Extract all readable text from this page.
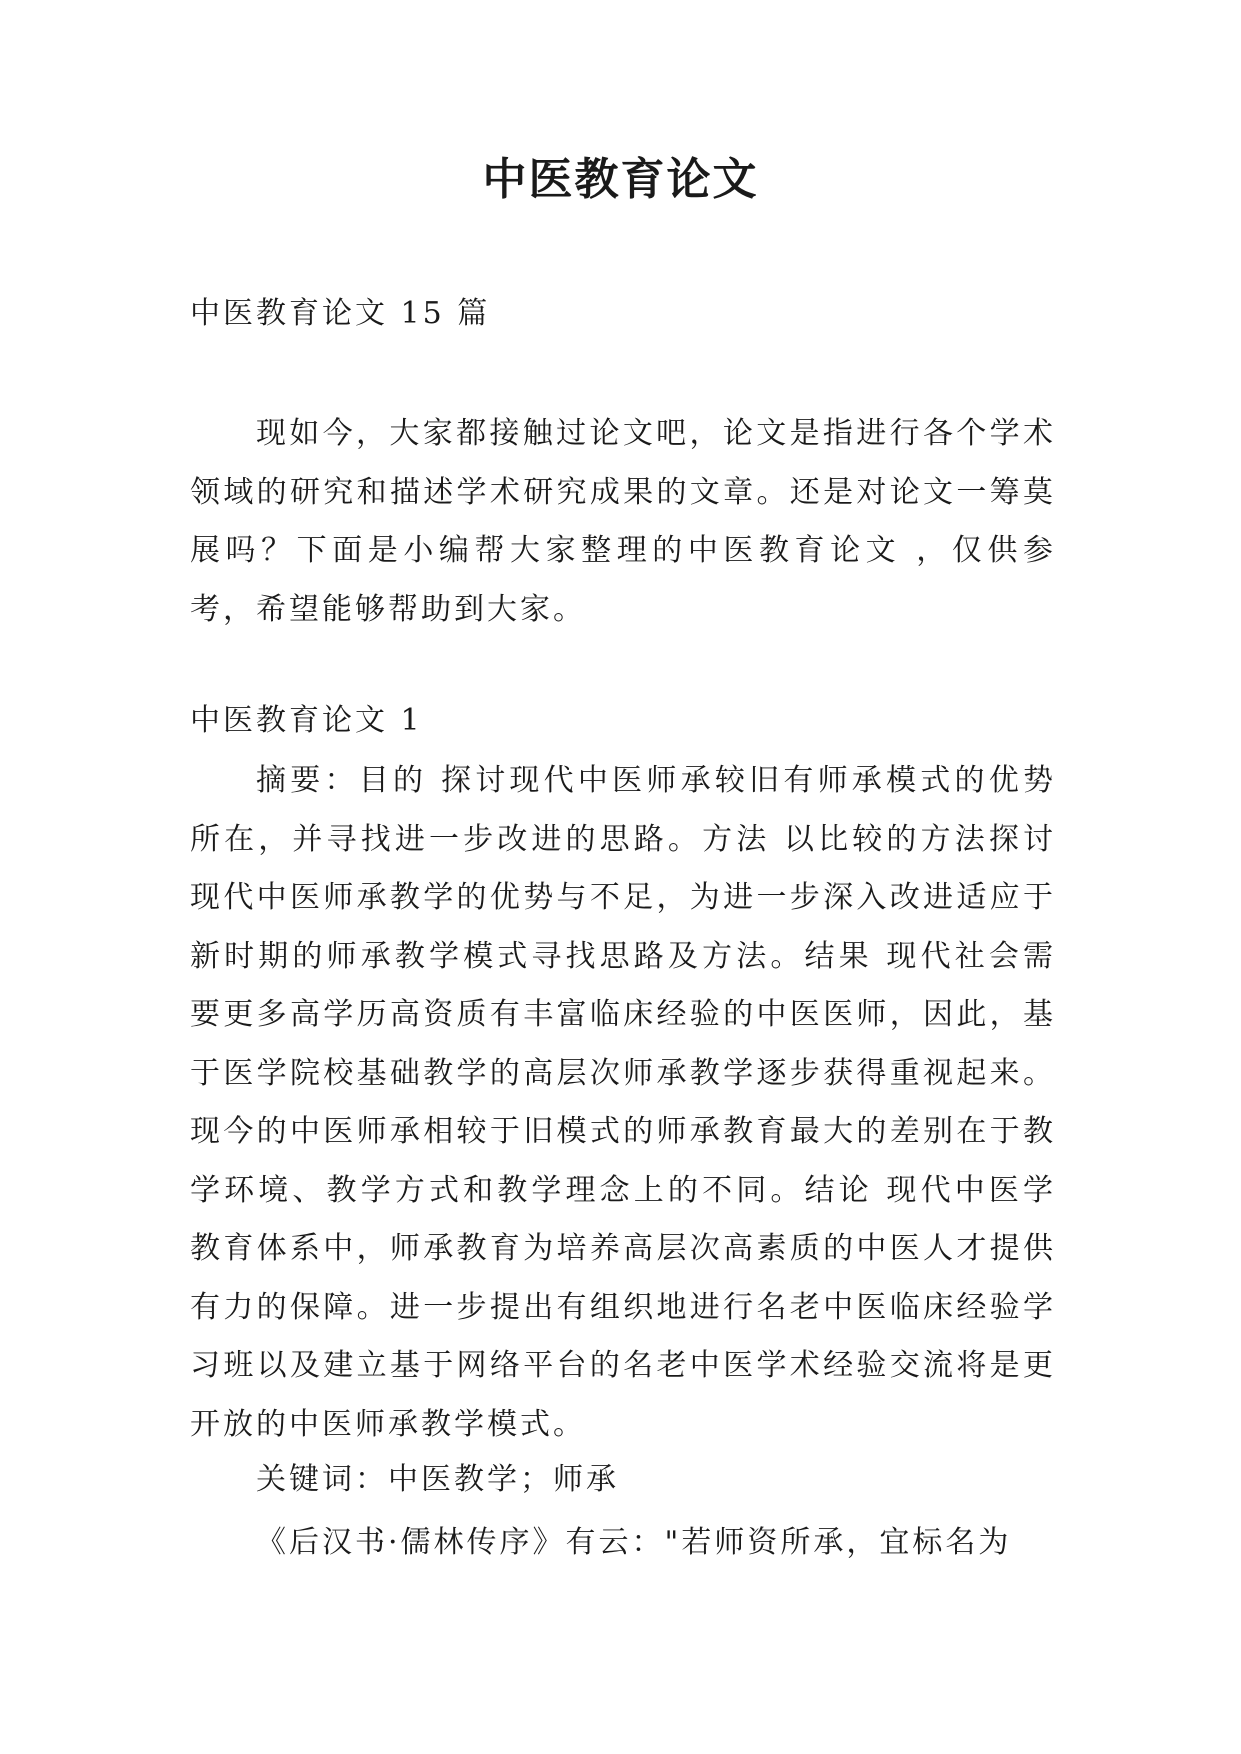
中医教育论文

中医教育论文 15 篇

现如今，大家都接触过论文吧，论文是指进行各个学术领域的研究和描述学术研究成果的文章。还是对论文一筹莫展吗？下面是小编帮大家整理的中医教育论文 ，仅供参考，希望能够帮助到大家。

中医教育论文 1

摘要：目的 探讨现代中医师承较旧有师承模式的优势所在，并寻找进一步改进的思路。方法 以比较的方法探讨现代中医师承教学的优势与不足，为进一步深入改进适应于新时期的师承教学模式寻找思路及方法。结果 现代社会需要更多高学历高资质有丰富临床经验的中医医师，因此，基于医学院校基础教学的高层次师承教学逐步获得重视起来。现今的中医师承相较于旧模式的师承教育最大的差别在于教学环境、教学方式和教学理念上的不同。结论 现代中医学教育体系中，师承教育为培养高层次高素质的中医人才提供有力的保障。进一步提出有组织地进行名老中医临床经验学习班以及建立基于网络平台的名老中医学术经验交流将是更开放的中医师承教学模式。

关键词：中医教学；师承

《后汉书·儒林传序》有云："若师资所承，宜标名为
